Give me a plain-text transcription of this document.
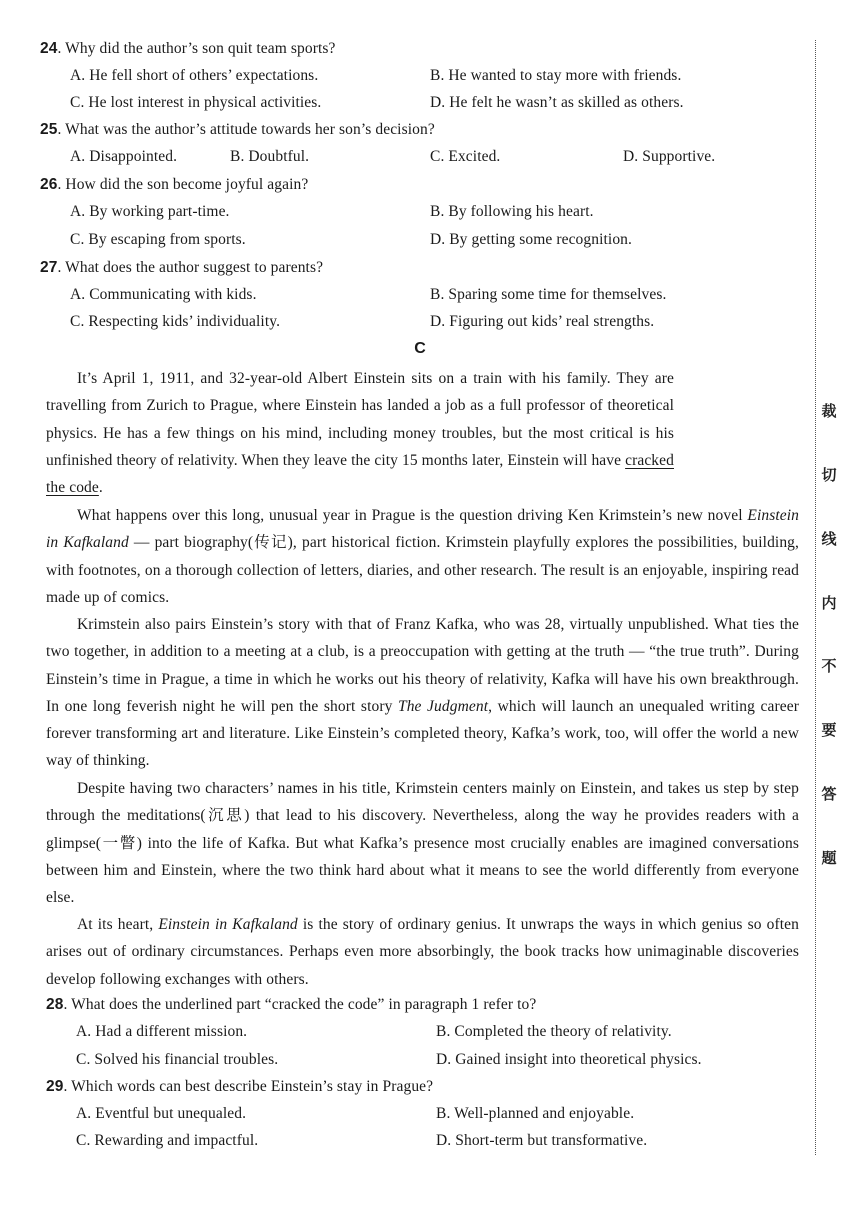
24. Why did the author’s son quit team sports?
A. He fell short of others’ expectations.	B. He wanted to stay more with friends.
C. He lost interest in physical activities.	D. He felt he wasn’t as skilled as others.
25. What was the author’s attitude towards her son’s decision?
A. Disappointed.	B. Doubtful.	C. Excited.	D. Supportive.
26. How did the son become joyful again?
A. By working part-time.	B. By following his heart.
C. By escaping from sports.	D. By getting some recognition.
27. What does the author suggest to parents?
A. Communicating with kids.	B. Sparing some time for themselves.
C. Respecting kids’ individuality.	D. Figuring out kids’ real strengths.
C

It’s April 1, 1911, and 32-year-old Albert Einstein sits on a train with his family. They are travelling from Zurich to Prague, where Einstein has landed a job as a full professor of theoretical physics. He has a few things on his mind, including money troubles, but the most critical is his unfinished theory of relativity. When they leave the city 15 months later, Einstein will have cracked the code.

What happens over this long, unusual year in Prague is the question driving Ken Krimstein’s new novel Einstein in Kafkaland — part biography(传记), part historical fiction. Krimstein playfully explores the possibilities, building, with footnotes, on a thorough collection of letters, diaries, and other research. The result is an enjoyable, inspiring read made up of comics.

Krimstein also pairs Einstein’s story with that of Franz Kafka, who was 28, virtually unpublished. What ties the two together, in addition to a meeting at a club, is a preoccupation with getting at the truth — “the true truth”. During Einstein’s time in Prague, a time in which he works out his theory of relativity, Kafka will have his own breakthrough. In one long feverish night he will pen the short story The Judgment, which will launch an unequaled writing career forever transforming art and literature. Like Einstein’s completed theory, Kafka’s work, too, will offer the world a new way of thinking.

Despite having two characters’ names in his title, Krimstein centers mainly on Einstein, and takes us step by step through the meditations(沉思) that lead to his discovery. Nevertheless, along the way he provides readers with a glimpse(一瞥) into the life of Kafka. But what Kafka’s presence most crucially enables are imagined conversations between him and Einstein, where the two think hard about what it means to see the world differently from everyone else.

At its heart, Einstein in Kafkaland is the story of ordinary genius. It unwraps the ways in which genius so often arises out of ordinary circumstances. Perhaps even more absorbingly, the book tracks how unimaginable discoveries develop following exchanges with others.

28. What does the underlined part “cracked the code” in paragraph 1 refer to?
A. Had a different mission.	B. Completed the theory of relativity.
C. Solved his financial troubles.	D. Gained insight into theoretical physics.
29. Which words can best describe Einstein’s stay in Prague?
A. Eventful but unequaled.	B. Well-planned and enjoyable.
C. Rewarding and impactful.	D. Short-term but transformative.
裁
切
线
内
不
要
答
题
